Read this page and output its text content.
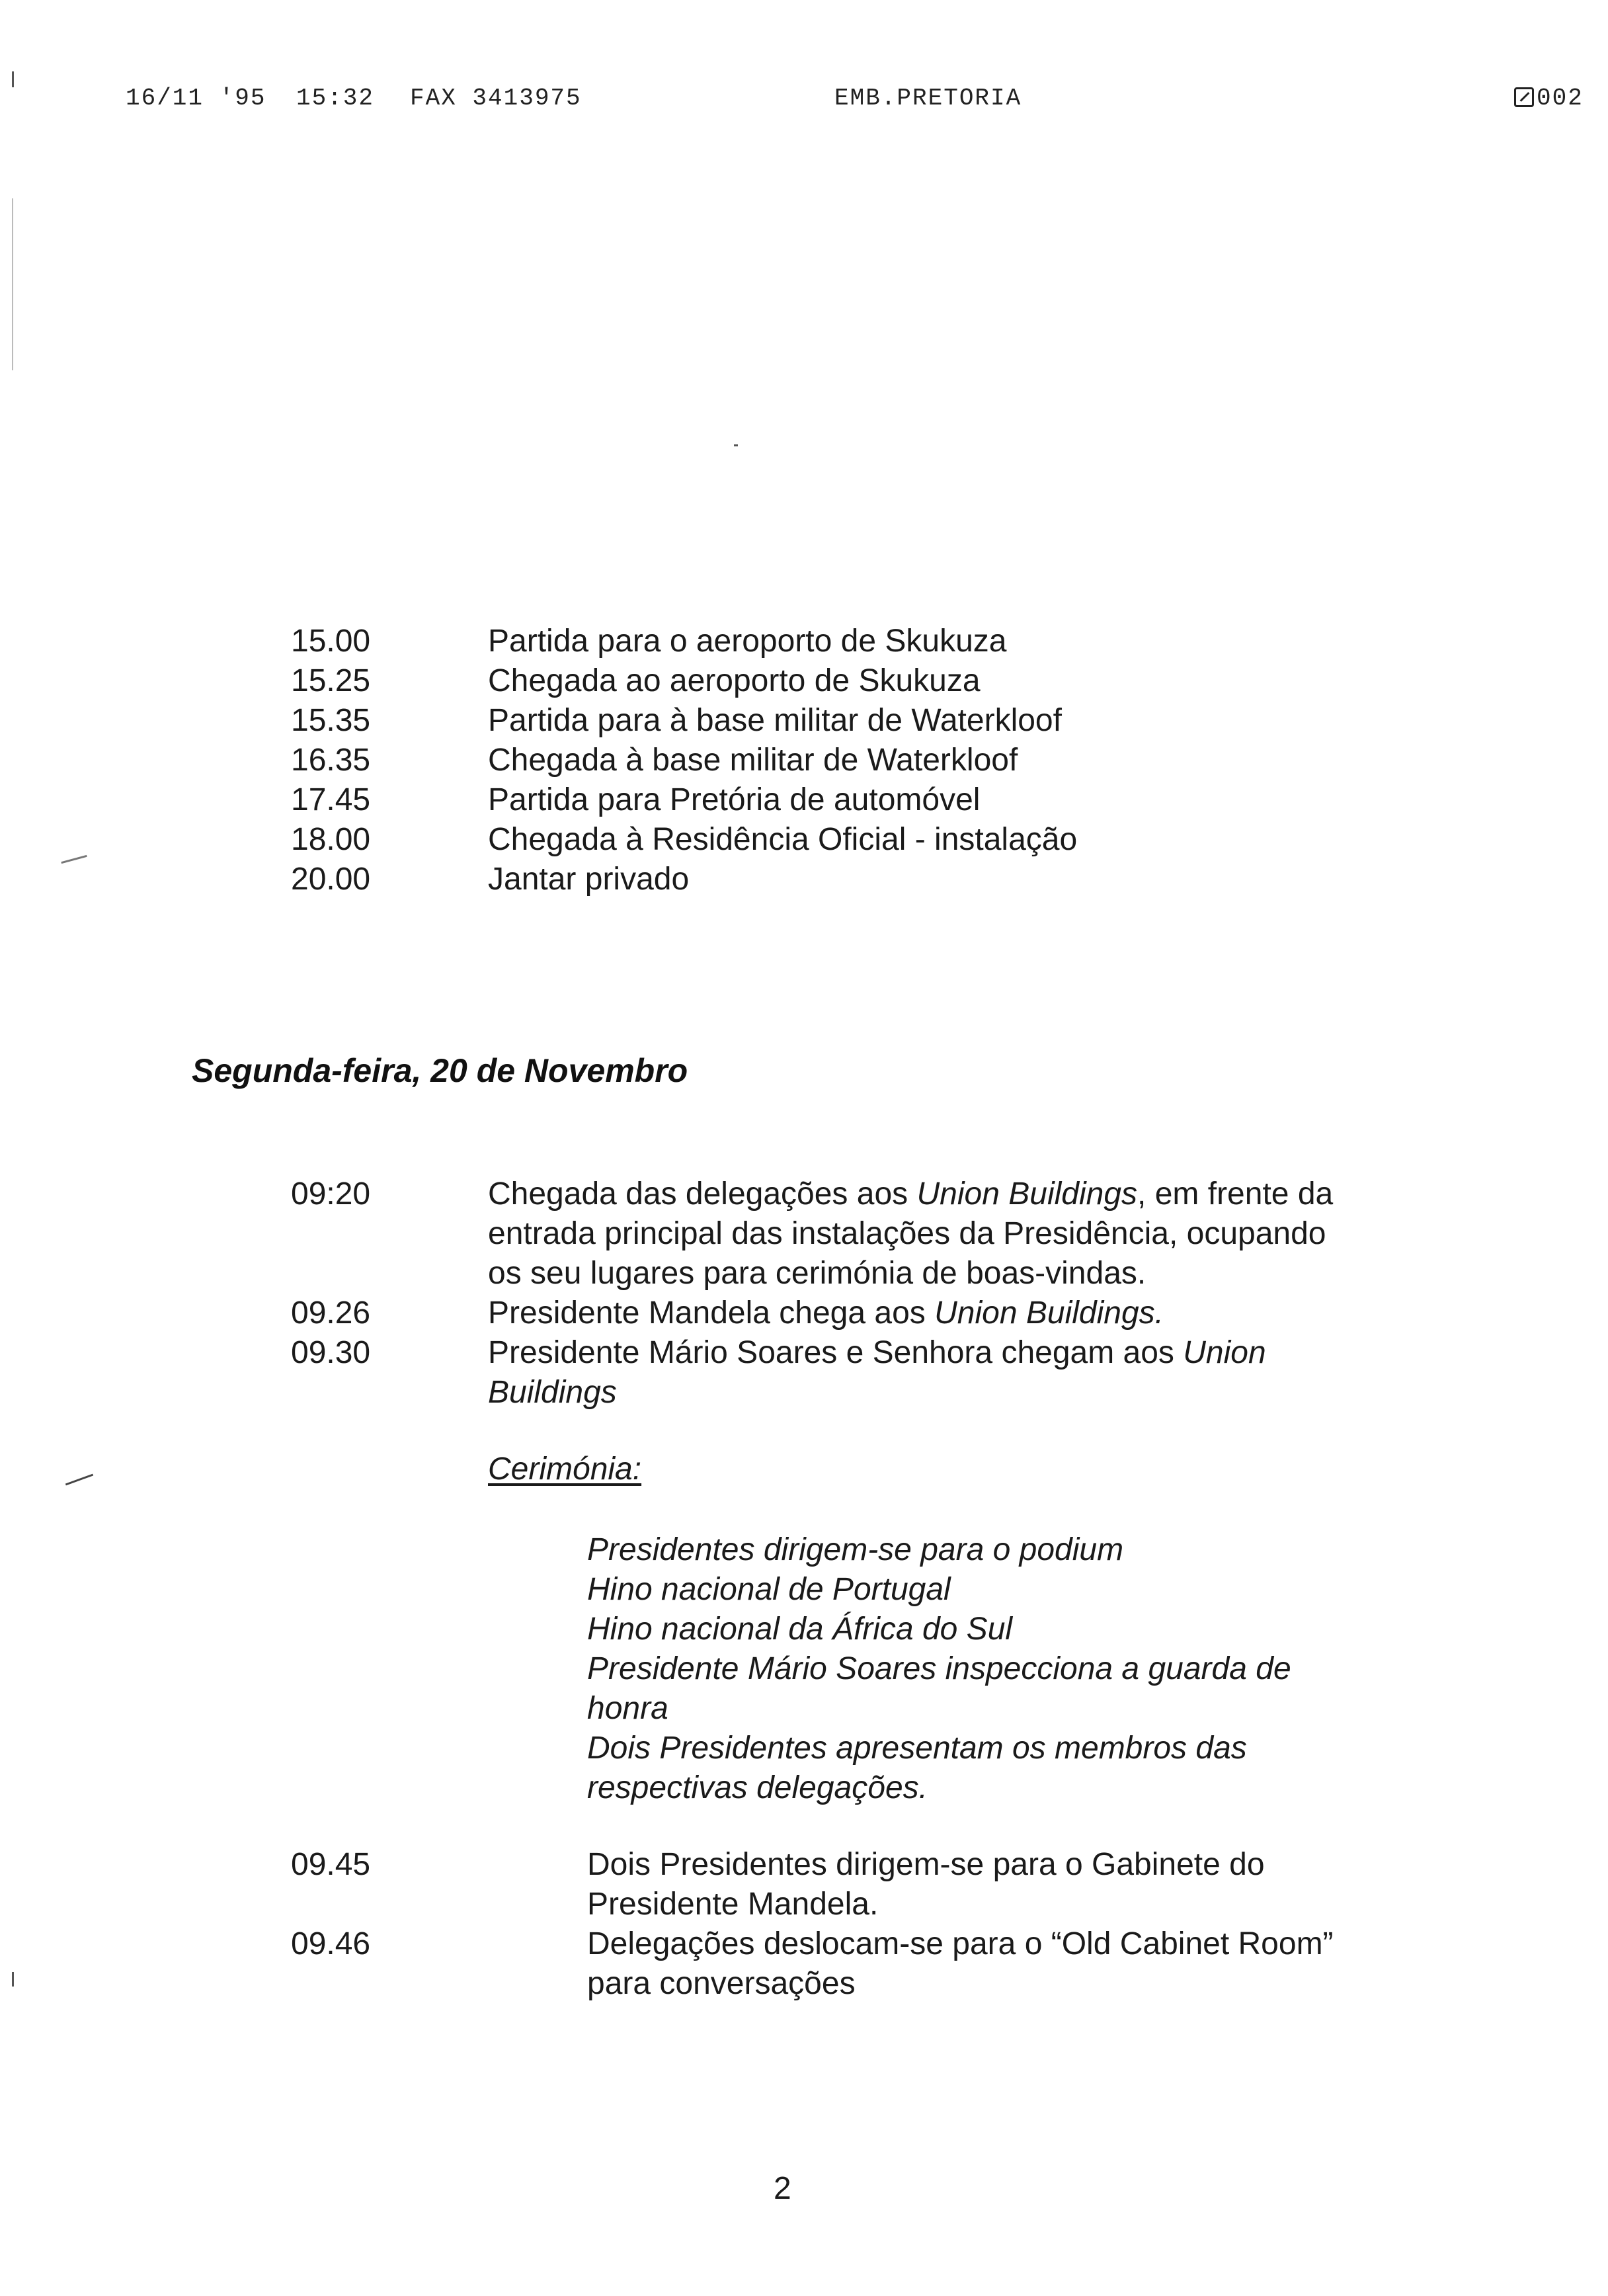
16/11 '95 15:32 FAX 3413975	EMB.PRETORIA	002
15.00	Partida para o aeroporto de Skukuza
15.25	Chegada ao aeroporto de Skukuza
15.35	Partida para à base militar de Waterkloof
16.35	Chegada à base militar de Waterkloof
17.45	Partida para Pretória de automóvel
18.00	Chegada à Residência Oficial - instalação
20.00	Jantar privado
Segunda-feira, 20 de Novembro
09:20	Chegada das delegações aos Union Buildings, em frente da
entrada principal das instalações da Presidência, ocupando
os seu lugares para cerimónia de boas-vindas.
09.26	Presidente Mandela chega aos Union Buildings.
09.30	Presidente Mário Soares e Senhora chegam aos Union
Buildings
Cerimónia:
Presidentes dirigem-se para o podium
Hino nacional de Portugal
Hino nacional da África do Sul
Presidente Mário Soares inspecciona a guarda de
honra
Dois Presidentes apresentam os membros das
respectivas delegações.
09.45	Dois Presidentes dirigem-se para o Gabinete do
Presidente Mandela.
09.46	Delegações deslocam-se para o “Old Cabinet Room”
para conversações
2
